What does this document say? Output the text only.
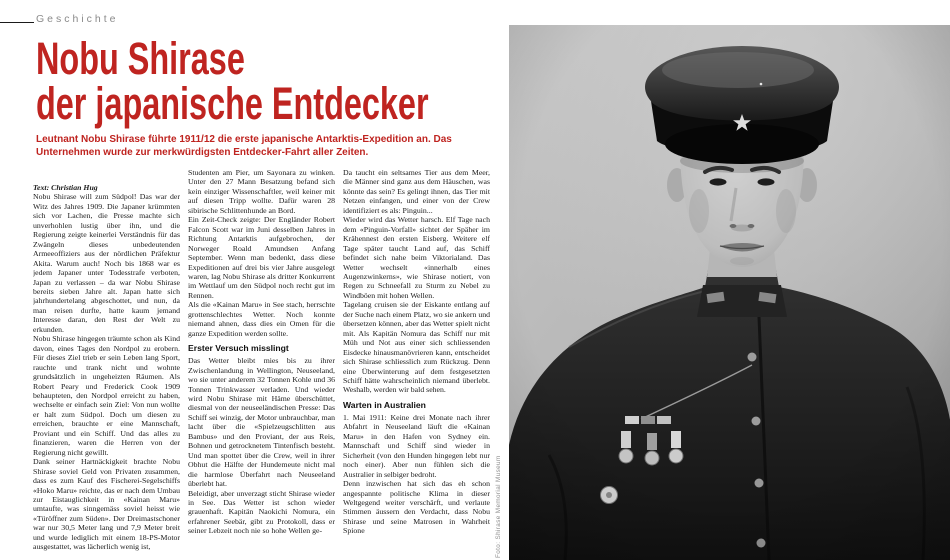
Geschichte
Nobu Shirase
der japanische Entdecker
Leutnant Nobu Shirase führte 1911/12 die erste japanische Antarktis-Expedition an. Das Unternehmen wurde zur merkwürdigsten Entdecker-Fahrt aller Zeiten.

Text: Christian Hug

Nobu Shirase will zum Südpol! Das war der Witz des Jahres 1909. Die Japaner krümmten sich vor Lachen, die Presse machte sich unverhohlen lustig über ihn, und die Regierung zeigte keinerlei Verständnis für das Zwängeln dieses unbedeutenden Armeeoffiziers aus der nördlichen Präfektur Akita. Warum auch! Noch bis 1868 war es jedem Japaner unter Todesstrafe verboten, Japan zu verlassen – da war Nobu Shirase bereits sieben Jahre alt. Japan hatte sich jahrhundertelang abgeschottet, und nun, da man reisen durfte, hatte kaum jemand Interesse daran, den Rest der Welt zu erkunden.

Nobu Shirase hingegen träumte schon als Kind davon, eines Tages den Nordpol zu erobern. Für dieses Ziel trieb er sein Leben lang Sport, rauchte und trank nicht und wohnte grundsätzlich in ungeheizten Räumen. Als Robert Peary und Frederick Cook 1909 behaupteten, den Nordpol erreicht zu haben, wechselte er einfach sein Ziel: Von nun wollte er halt zum Südpol. Doch um diesen zu erreichen, brauchte er eine Mannschaft, Proviant und ein Schiff. Und das alles zu finanzieren, waren die Herren von der Regierung nicht gewillt.

Dank seiner Hartnäckigkeit brachte Nobu Shirase soviel Geld von Privaten zusammen, dass es zum Kauf des Fischerei-Segelschiffs «Hoko Maru» reichte, das er nach dem Umbau zur Eistauglichkeit in «Kainan Maru» umtaufte, was sinngemäss soviel heisst wie «Türöffner zum Süden». Der Dreimastschoner war nur 30,5 Meter lang und 7,9 Meter breit und wurde lediglich mit einem 18-PS-Motor ausgestattet, was lächerlich wenig ist,

Studenten am Pier, um Sayonara zu winken. Unter den 27 Mann Besatzung befand sich kein einziger Wissenschaftler, weil keiner mit auf diesen Tripp wollte. Dafür waren 28 sibirische Schlittenhunde an Bord.

Ein Zeit-Check zeigte: Der Engländer Robert Falcon Scott war im Juni desselben Jahres in Richtung Antarktis aufgebrochen, der Norweger Roald Amundsen Anfang September. Wenn man bedenkt, dass diese Expeditionen auf drei bis vier Jahre ausgelegt waren, lag Nobu Shirase als dritter Konkurrent im Wettlauf um den Südpol noch recht gut im Rennen.

Als die «Kainan Maru» in See stach, herrschte grottenschlechtes Wetter. Noch konnte niemand ahnen, dass dies ein Omen für die ganze Expedition werden sollte.

Erster Versuch misslingt

Das Wetter bleibt mies bis zu ihrer Zwischenlandung in Wellington, Neuseeland, wo sie unter anderem 32 Tonnen Kohle und 36 Tonnen Trinkwasser verladen. Und wieder wird Nobu Shirase mit Häme überschüttet, diesmal von der neuseeländischen Presse: Das Schiff sei winzig, der Motor unbrauchbar, man lacht über die «Spielzeugschlitten aus Bambus» und den Proviant, der aus Reis, Bohnen und getrocknetem Tintenfisch besteht. Und man spottet über die Crew, weil in ihrer Obhut die Hälfte der Hundemeute nicht mal die harmlose Überfahrt nach Neuseeland überlebt hat.

Beleidigt, aber unverzagt sticht Shirase wieder in See. Das Wetter ist schon wieder grauenhaft. Kapitän Naokichi Nomura, ein erfahrener Seebär, gibt zu Protokoll, dass er seiner Lebzeit noch nie so hohe Wellen ge-

Da taucht ein seltsames Tier aus dem Meer, die Männer sind ganz aus dem Häuschen, was könnte das sein? Es gelingt ihnen, das Tier mit Netzen einfangen, und einer von der Crew identifiziert es als: Pinguin...

Wieder wird das Wetter harsch. Elf Tage nach dem «Pinguin-Vorfall» sichtet der Späher im Krähennest den ersten Eisberg. Weitere elf Tage später taucht Land auf, das Schiff befindet sich nahe beim Viktorialand. Das Wetter wechselt «innerhalb eines Augenzwinkerns», wie Shirase notiert, von Regen zu Schneefall zu Sturm zu Nebel zu Windböen mit hohen Wellen.

Tagelang cruisen sie der Eiskante entlang auf der Suche nach einem Platz, wo sie ankern und übersetzen können, aber das Wetter spielt nicht mit. Als Kapitän Nomura das Schiff nur mit Müh und Not aus einer sich schliessenden Eisdecke hinausmanövrieren kann, entscheidet sich Shirase schliesslich zum Rückzug. Denn eine Überwinterung auf dem festgesetzten Schiff hätte wahrscheinlich niemand überlebt. Weshalb, werden wir bald sehen.

Warten in Australien

1. Mai 1911: Keine drei Monate nach ihrer Abfahrt in Neuseeland läuft die «Kainan Maru» in den Hafen von Sydney ein. Mannschaft und Schiff sind wieder in Sicherheit (von den Hunden hingegen lebt nur noch einer). Aber nun fühlen sich die Australier in selbiger bedroht.

Denn inzwischen hat sich das eh schon angespannte politische Klima in dieser Weltgegend weiter verschärft, und verlaute Stimmen äussern den Verdacht, dass Nobu Shirase und seine Matrosen in Wahrheit Spione	Foto: Shirase Memorial Museum
